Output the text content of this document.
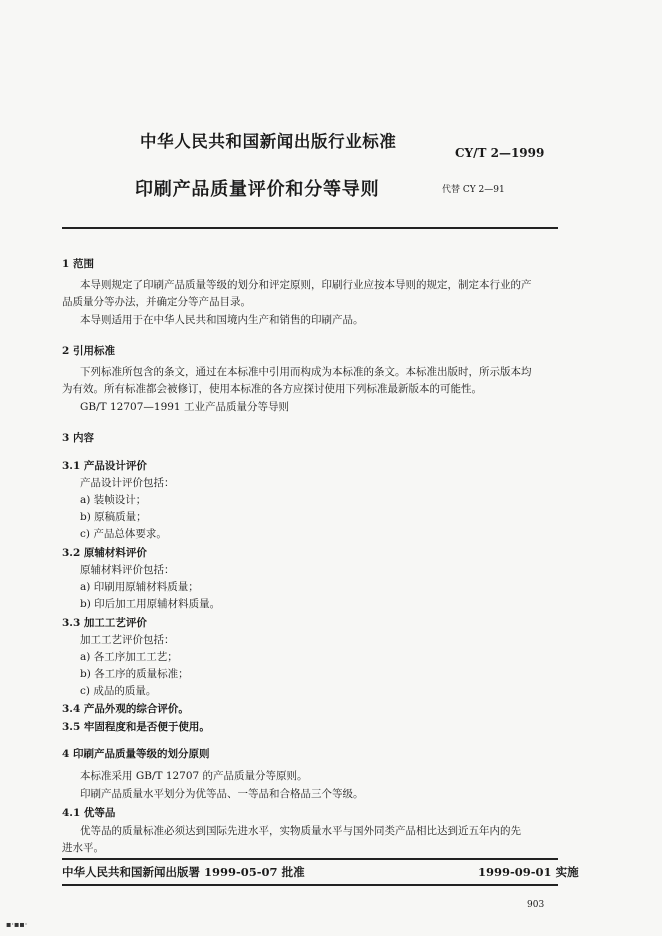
中华人民共和国新闻出版行业标准
CY/T 2—1999
印刷产品质量评价和分等导则	代替 CY 2—91
1 范围
本导则规定了印刷产品质量等级的划分和评定原则，印刷行业应按本导则的规定，制定本行业的产
品质量分等办法，并确定分等产品目录。
本导则适用于在中华人民共和国境内生产和销售的印刷产品。
2 引用标准
下列标准所包含的条文，通过在本标准中引用而构成为本标准的条文。本标准出版时，所示版本均
为有效。所有标准都会被修订，使用本标准的各方应探讨使用下列标准最新版本的可能性。
GB/T 12707—1991 工业产品质量分等导则
3 内容
3.1 产品设计评价
产品设计评价包括：
a) 装帧设计；
b) 原稿质量；
c) 产品总体要求。
3.2 原辅材料评价
原辅材料评价包括：
a) 印刷用原辅材料质量；
b) 印后加工用原辅材料质量。
3.3 加工工艺评价
加工工艺评价包括：
a) 各工序加工工艺；
b) 各工序的质量标准；
c) 成品的质量。
3.4 产品外观的综合评价。
3.5 牢固程度和是否便于使用。
4 印刷产品质量等级的划分原则
本标准采用 GB/T 12707 的产品质量分等原则。
印刷产品质量水平划分为优等品、一等品和合格品三个等级。
4.1 优等品
优等品的质量标准必须达到国际先进水平，实物质量水平与国外同类产品相比达到近五年内的先
进水平。
中华人民共和国新闻出版署 1999-05-07 批准	1999-09-01 实施
903
▪·▪▪·
